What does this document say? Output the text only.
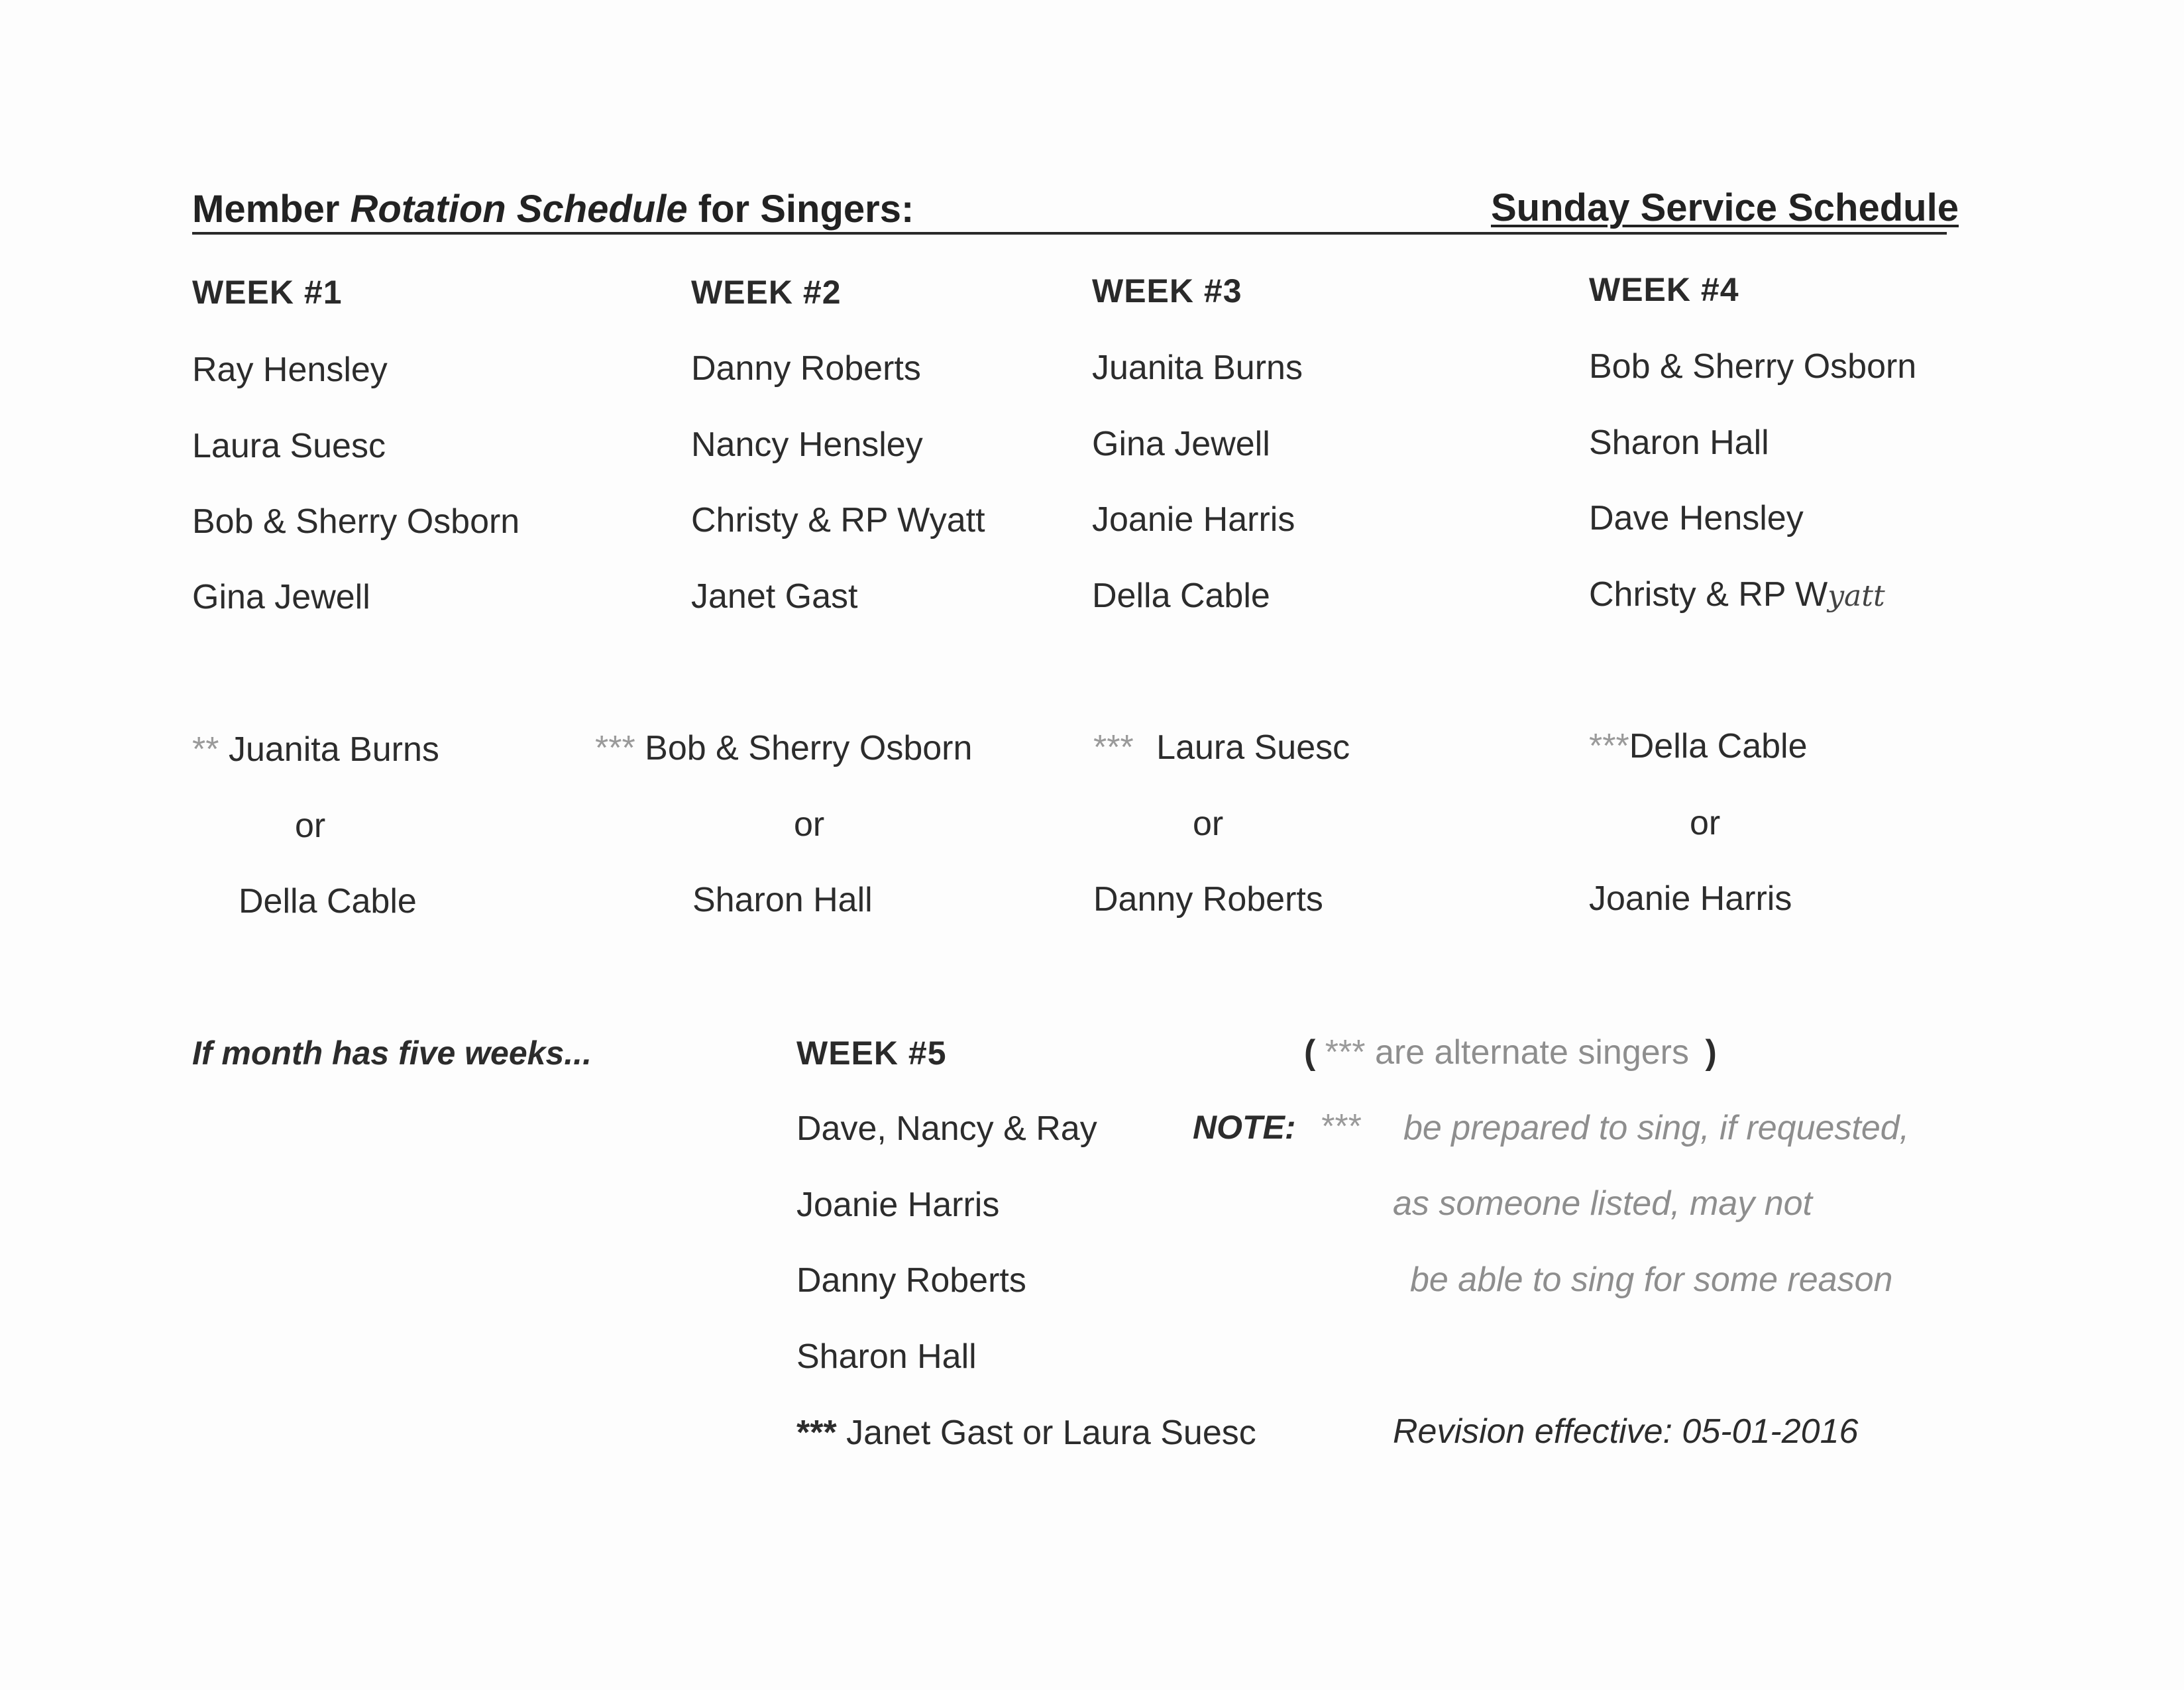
Member Rotation Schedule for Singers:	Sunday Service Schedule
WEEK #1
Ray Hensley
Laura Suesc
Bob & Sherry Osborn
Gina Jewell
** Juanita Burns
or
Della Cable
WEEK #2
Danny Roberts
Nancy Hensley
Christy & RP Wyatt
Janet Gast
*** Bob & Sherry Osborn
or
Sharon Hall
WEEK #3
Juanita Burns
Gina Jewell
Joanie Harris
Della Cable
*** Laura Suesc
or
Danny Roberts
WEEK #4
Bob & Sherry Osborn
Sharon Hall
Dave Hensley
Christy & RP Wyatt
***Della Cable
or
Joanie Harris
If month has five weeks...	WEEK #5
Dave, Nancy & Ray
Joanie Harris
Danny Roberts
Sharon Hall
*** Janet Gast or Laura Suesc
( *** are alternate singers )
NOTE: *** be prepared to sing, if requested,
as someone listed, may not
be able to sing for some reason
Revision effective: 05-01-2016
